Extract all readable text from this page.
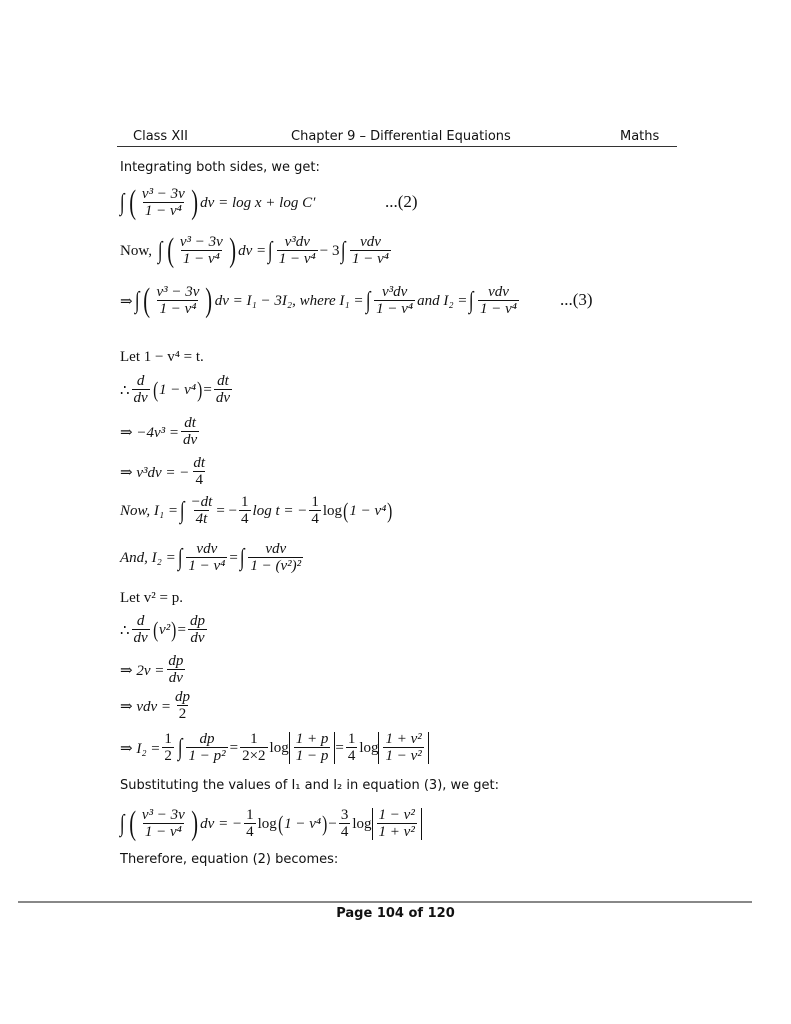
Class XII	Chapter 9 – Differential Equations	Maths
Integrating both sides, we get:
∫ ( v³ − 3v
1 − v⁴ ) dv = log x + log C′	...(2)
Now, ∫ ( v³ − 3v
1 − v⁴ ) dv = ∫ v³dv
1 − v⁴
− 3 ∫ vdv
1 − v⁴
⇒ ∫ ( v³ − 3v
1 − v⁴ ) dv = I₁ − 3I₂, where I₁ = ∫ v³dv
1 − v⁴
and I₂ = ∫ vdv
1 − v⁴	...(3)
Let 1 − v⁴ = t.
∴
d
dv ( 1 − v⁴ ) = $\frac{dt}{dv}$
⇒ $-4v^3 = \frac{dt}{dv}$
⇒ v³dv = − $\frac{dt}{4}$
Now, I₁ = ∫ $\frac{-dt}{4t}$ = − $\frac{1}{4}$ log t = − $\frac{1}{4}$ log ( 1 − v⁴ )
And, I₂ = ∫ vdv
1 − v⁴
= ∫ vdv
1 − (v²)²
Let v² = p.
∴
d
dv ( v² ) = $\frac{dp}{dv}$
⇒ $2v = \frac{dp}{dv}$
⇒ vdv = $\frac{dp}{2}$
⇒ $I_2 = \frac{1}{2}$ ∫ $\frac{dp}{\text{1 − p²}} = \frac{1}{2\times 2}$ $\log \frac{1 + p}{1 - p} = \frac{1}{4}$ $\log \frac{\text{1 + v²}}{\text{1 − v²}}$
Substituting the values of I₁ and I₂ in equation (3), we get:
∫ ( v³ − 3v
1 − v⁴ ) dv = − $\frac{1}{4}$ log ( 1 − v⁴ ) − $\frac{3}{4}$ $\log \frac{\text{1 − v²}}{\text{1 + v²}}$
Therefore, equation (2) becomes:
Page 104 of 120
